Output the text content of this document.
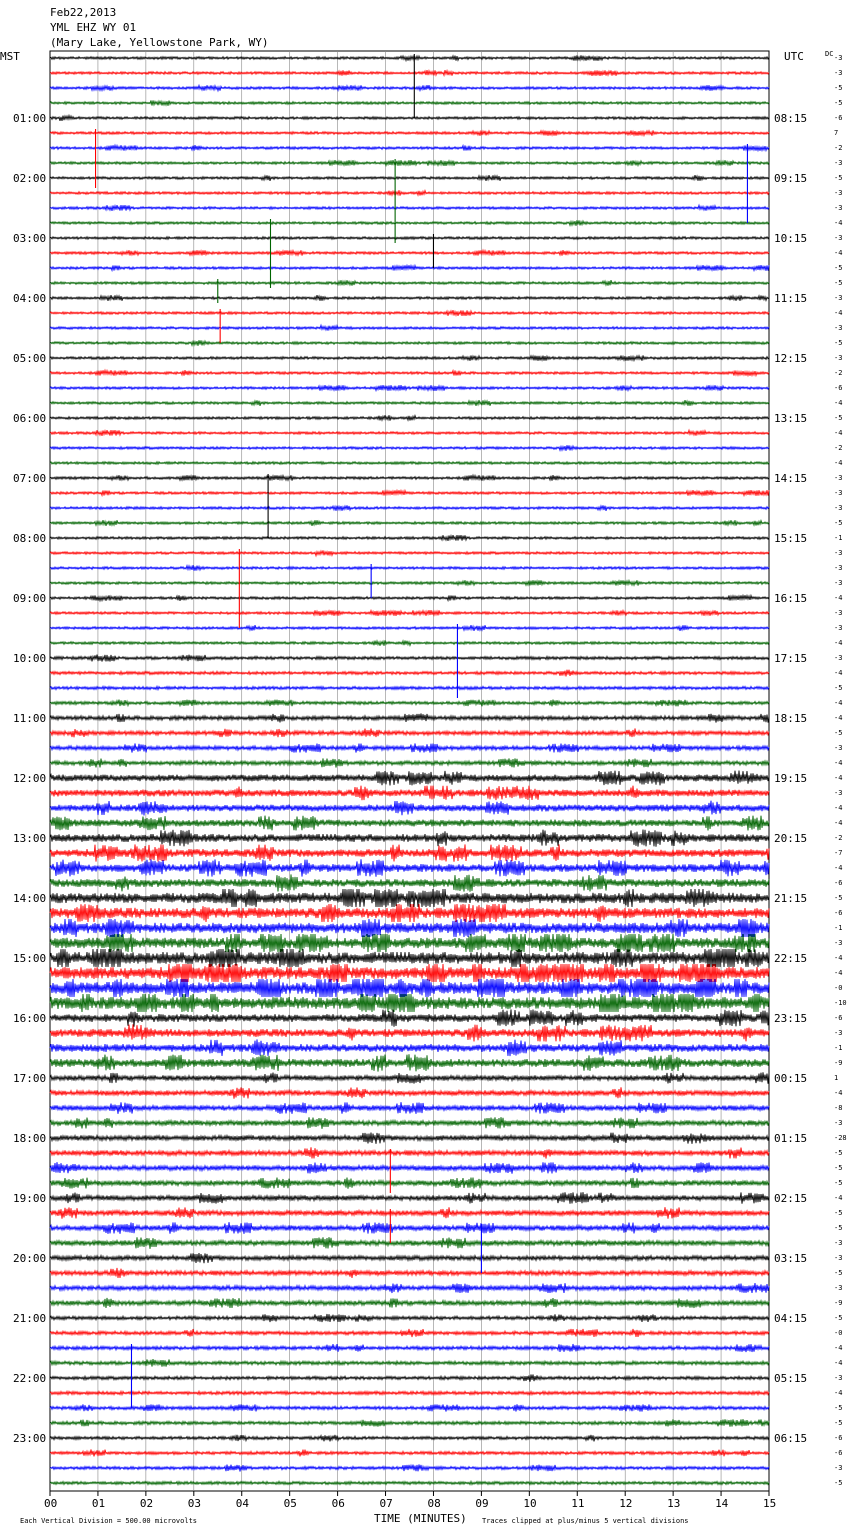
Feb22,2013
YML EHZ WY 01
(Mary Lake, Yellowstone Park, WY)
01:00
02:00
03:00
04:00
05:00
06:00
07:00
08:00
09:00
10:00
11:00
12:00
13:00
14:00
15:00
16:00
17:00
18:00
19:00
20:00
21:00
22:00
23:00
08:15
09:15
10:15
11:15
12:15
13:15
14:15
15:15
16:15
17:15
18:15
19:15
20:15
21:15
22:15
23:15
00:15
01:15
02:15
03:15
04:15
05:15
06:15
-3
-3
-5
-5
-6
7
-2
-3
-5
-3
-3
-4
-3
-4
-5
-5
-3
-4
-3
-5
-3
-2
-6
-4
-5
-4
-2
-4
-3
-3
-3
-5
-1
-3
-3
-3
-4
-3
-3
-4
-3
-4
-5
-4
-4
-5
-3
-4
-4
-3
-4
-4
-2
-7
-4
-6
-5
-6
-1
-3
-4
-4
-0
-10
-6
-3
-1
-9
1
-4
-8
-3
-28
-5
-5
-5
-4
-5
-5
-3
-3
-5
-3
-9
-5
-0
-4
-4
-3
-4
-5
-5
-6
-6
-3
-5
00	01	02	03	04	05	06	07	08	09	10	11	12	13	14	15
MST	UTC	DC
TIME (MINUTES)
Each Vertical Division = 500.00 microvolts	Traces clipped at plus/minus 5 vertical divisions
